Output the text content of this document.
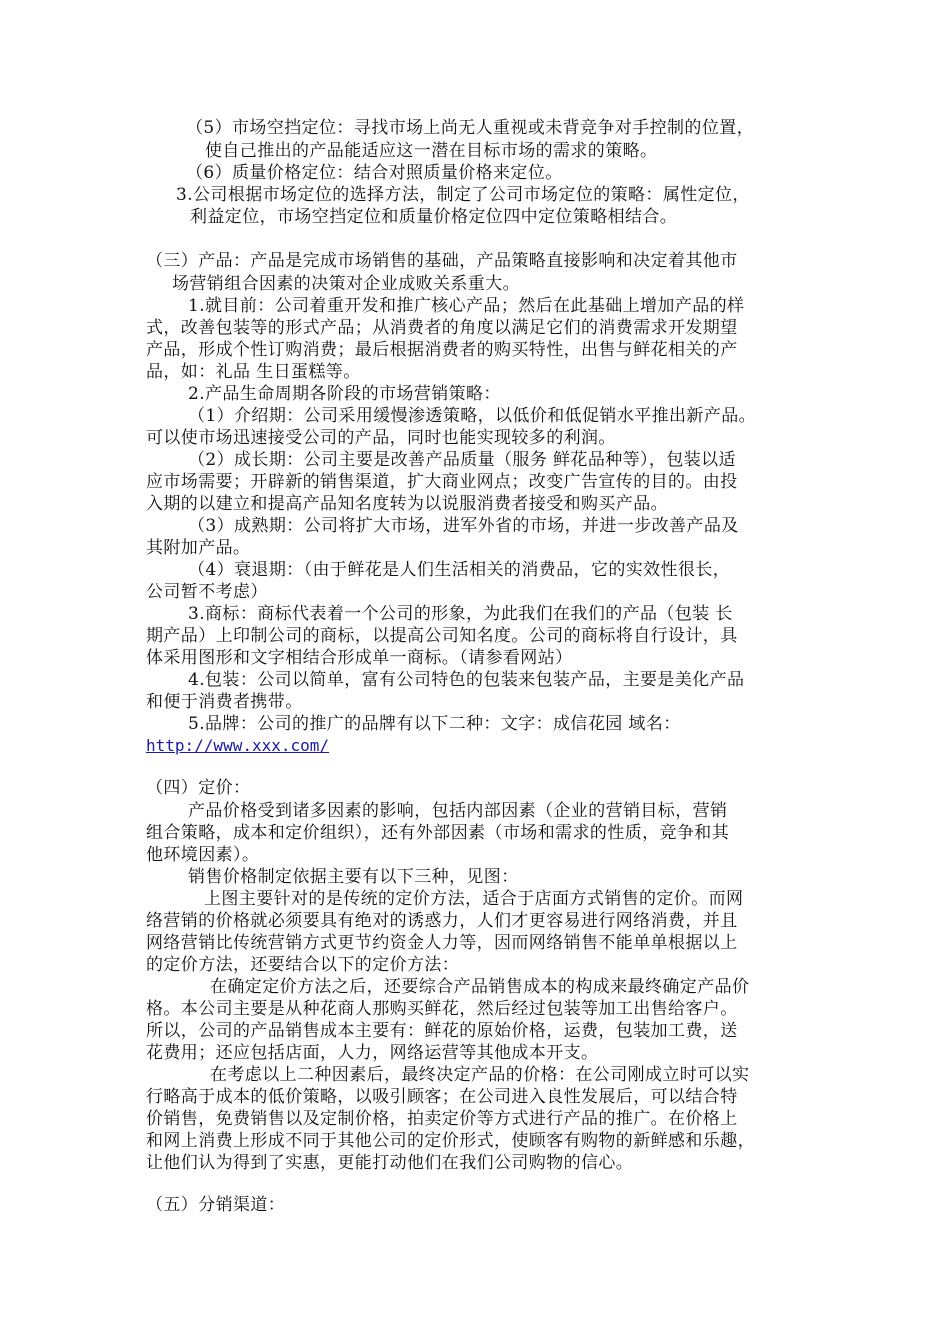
（5）市场空挡定位：寻找市场上尚无人重视或未背竞争对手控制的位置，

使自己推出的产品能适应这一潜在目标市场的需求的策略。

（6）质量价格定位：结合对照质量价格来定位。

3.公司根据市场定位的选择方法，制定了公司市场定位的策略：属性定位，

利益定位，市场空挡定位和质量价格定位四中定位策略相结合。

（三）产品：产品是完成市场销售的基础，产品策略直接影响和决定着其他市

场营销组合因素的决策对企业成败关系重大。

1.就目前：公司着重开发和推广核心产品；然后在此基础上增加产品的样

式，改善包装等的形式产品；从消费者的角度以满足它们的消费需求开发期望

产品，形成个性订购消费；最后根据消费者的购买特性，出售与鲜花相关的产

品，如：礼品 生日蛋糕等。

2.产品生命周期各阶段的市场营销策略：

（1）介绍期：公司采用缓慢渗透策略，以低价和低促销水平推出新产品。

可以使市场迅速接受公司的产品，同时也能实现较多的利润。

（2）成长期：公司主要是改善产品质量（服务 鲜花品种等），包装以适

应市场需要；开辟新的销售渠道，扩大商业网点；改变广告宣传的目的。由投

入期的以建立和提高产品知名度转为以说服消费者接受和购买产品。

（3）成熟期：公司将扩大市场，进军外省的市场，并进一步改善产品及

其附加产品。

（4）衰退期：（由于鲜花是人们生活相关的消费品，它的实效性很长，

公司暂不考虑）

3.商标：商标代表着一个公司的形象，为此我们在我们的产品（包装 长

期产品）上印制公司的商标，以提高公司知名度。公司的商标将自行设计，具

体采用图形和文字相结合形成单一商标。（请参看网站）

4.包装：公司以简单，富有公司特色的包装来包装产品，主要是美化产品

和便于消费者携带。

5.品牌：公司的推广的品牌有以下二种：文字：成信花园 域名：

http://www.xxx.com/

（四）定价：

产品价格受到诸多因素的影响，包括内部因素（企业的营销目标，营销

组合策略，成本和定价组织），还有外部因素（市场和需求的性质，竞争和其

他环境因素）。

销售价格制定依据主要有以下三种，见图：

上图主要针对的是传统的定价方法，适合于店面方式销售的定价。而网

络营销的价格就必须要具有绝对的诱惑力，人们才更容易进行网络消费，并且

网络营销比传统营销方式更节约资金人力等，因而网络销售不能单单根据以上

的定价方法，还要结合以下的定价方法：

在确定定价方法之后，还要综合产品销售成本的构成来最终确定产品价

格。本公司主要是从种花商人那购买鲜花，然后经过包装等加工出售给客户。

所以，公司的产品销售成本主要有：鲜花的原始价格，运费，包装加工费，送

花费用；还应包括店面，人力，网络运营等其他成本开支。

在考虑以上二种因素后，最终决定产品的价格：在公司刚成立时可以实

行略高于成本的低价策略，以吸引顾客；在公司进入良性发展后，可以结合特

价销售，免费销售以及定制价格，拍卖定价等方式进行产品的推广。在价格上

和网上消费上形成不同于其他公司的定价形式，使顾客有购物的新鲜感和乐趣，

让他们认为得到了实惠，更能打动他们在我们公司购物的信心。

（五）分销渠道：
